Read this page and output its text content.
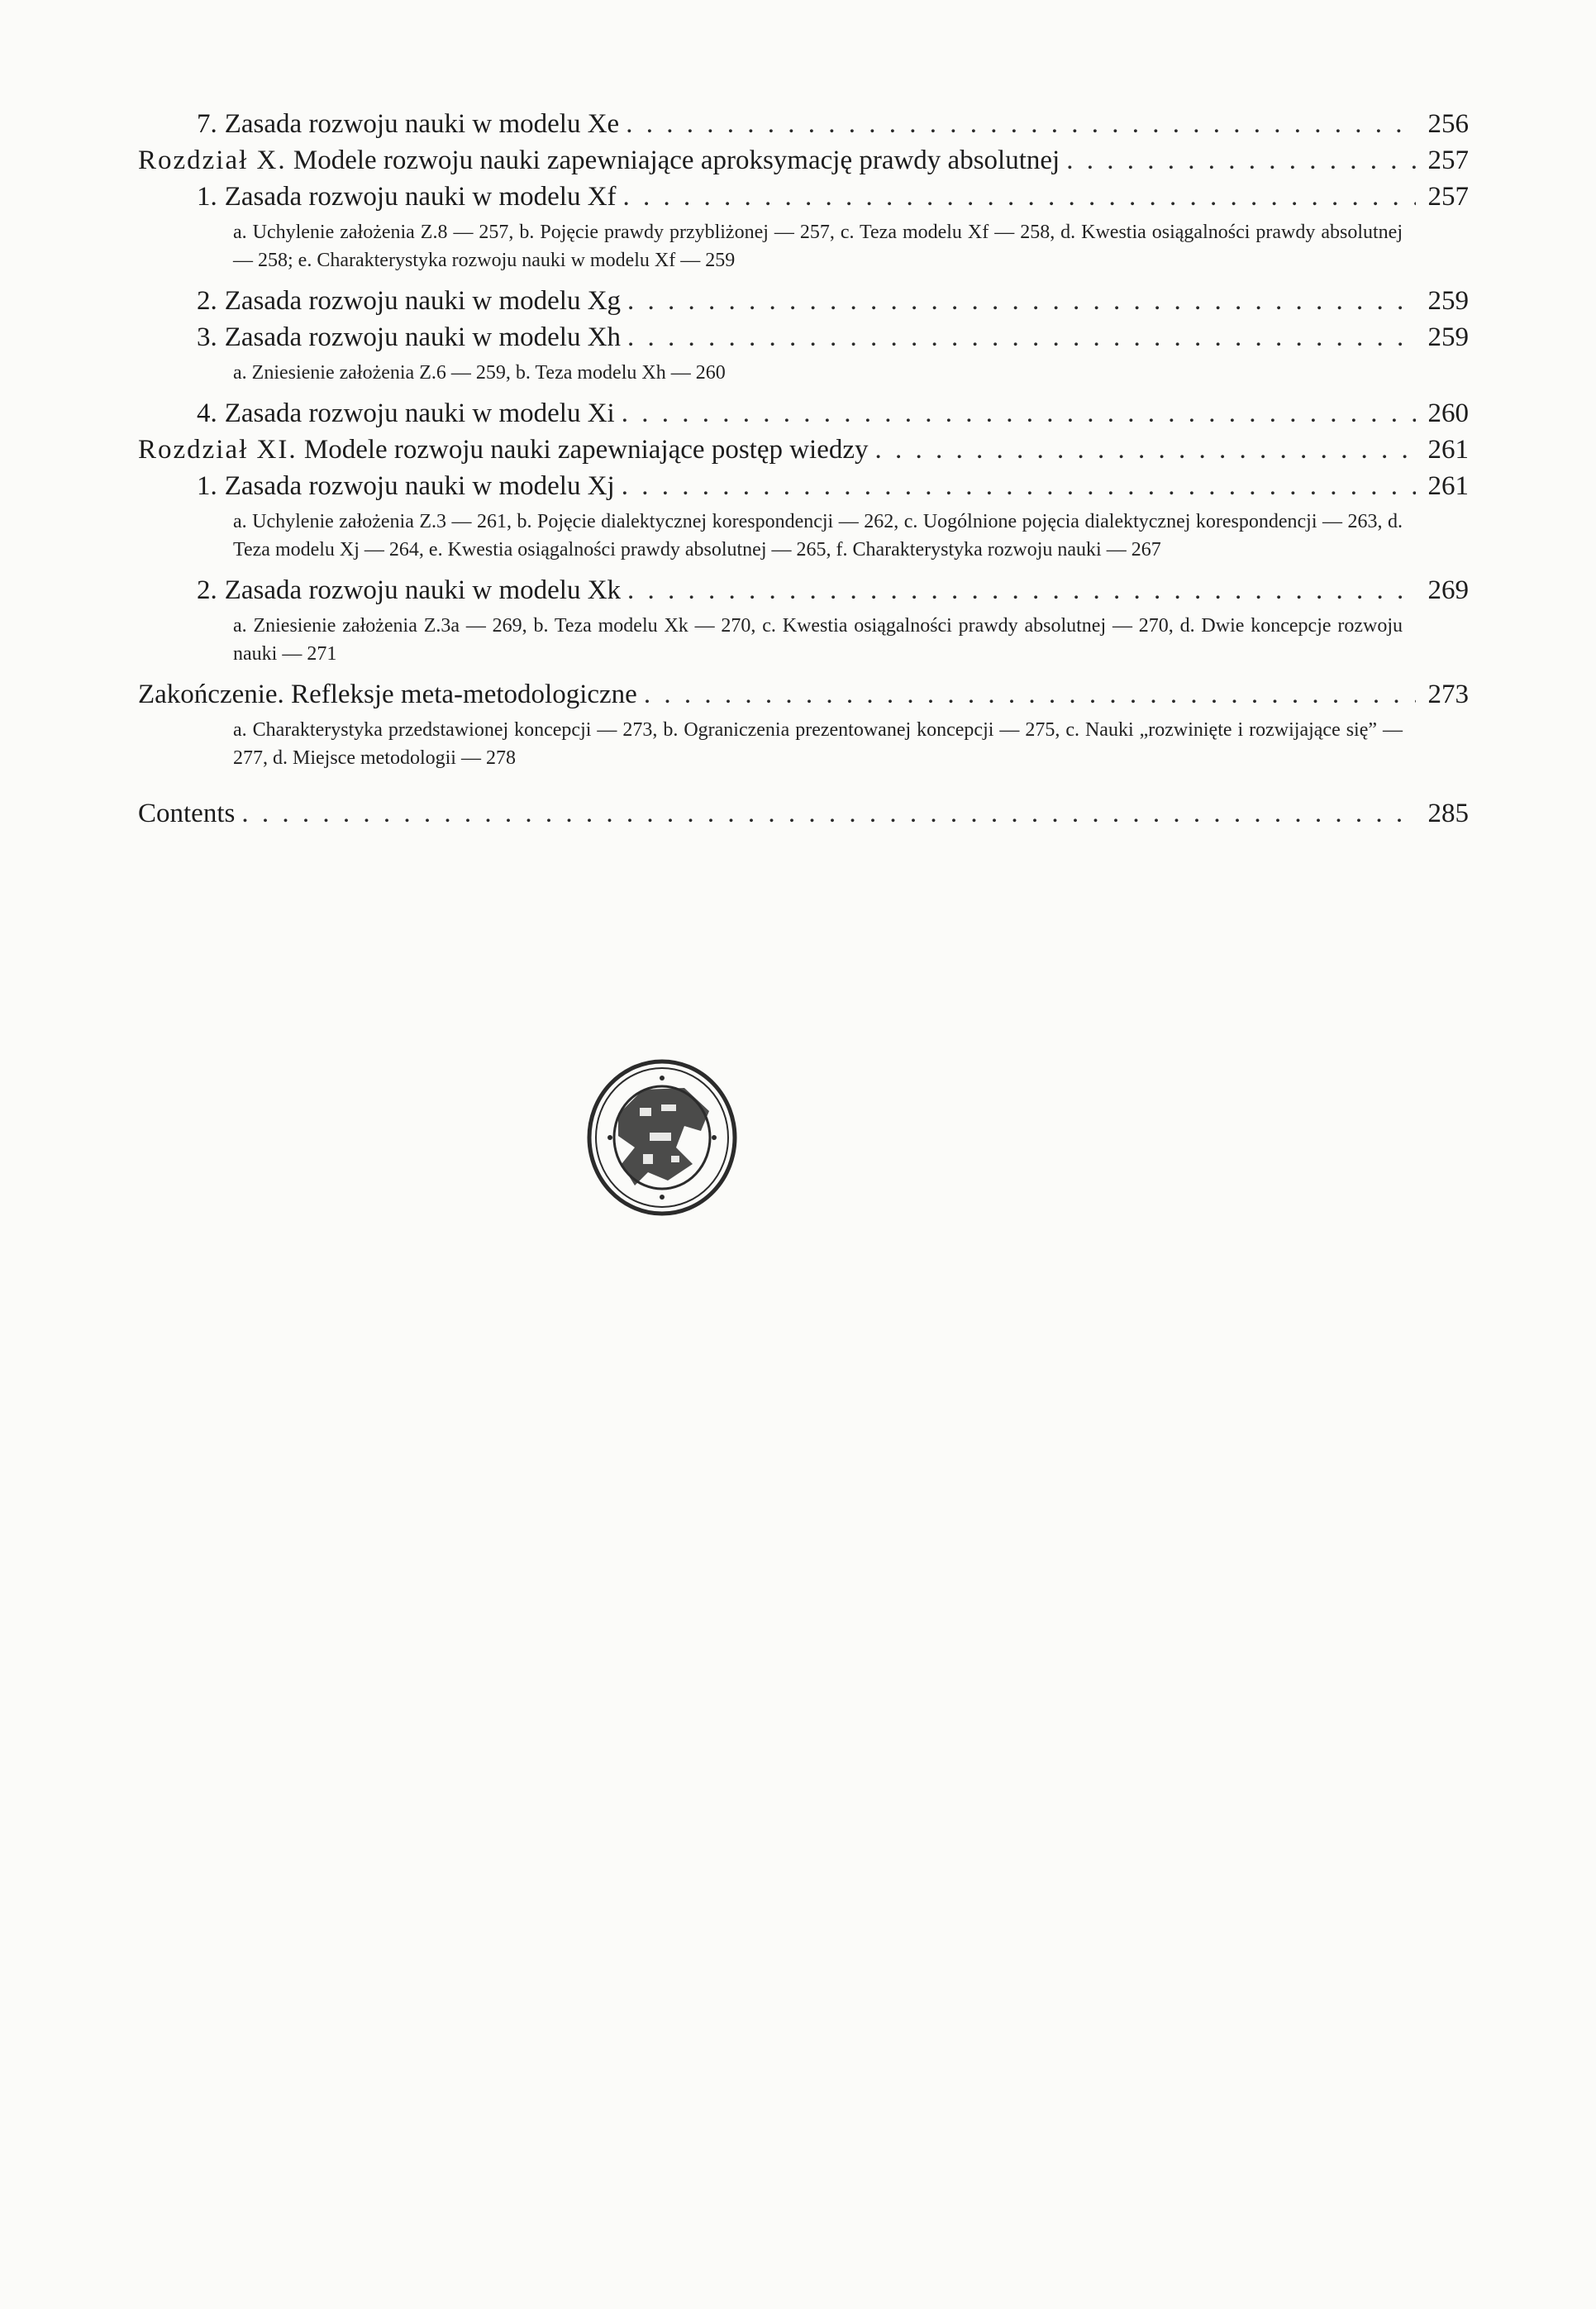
7. Zasada rozwoju nauki w modelu Xe . . .	256
Rozdział X. Modele rozwoju nauki zapewniające aproksymację prawdy absolutnej . . .	257
1. Zasada rozwoju nauki w modelu Xf . . .	257
a. Uchylenie założenia Z.8 — 257, b. Pojęcie prawdy przybliżonej — 257, c. Teza modelu Xf — 258, d. Kwestia osiągalności prawdy absolutnej — 258; e. Charakterystyka rozwoju nauki w modelu Xf — 259
2. Zasada rozwoju nauki w modelu Xg . . .	259
3. Zasada rozwoju nauki w modelu Xh . . .	259
a. Zniesienie założenia Z.6 — 259, b. Teza modelu Xh — 260
4. Zasada rozwoju nauki w modelu Xi . . .	260
Rozdział XI. Modele rozwoju nauki zapewniające postęp wiedzy . . .	261
1. Zasada rozwoju nauki w modelu Xj . . .	261
a. Uchylenie założenia Z.3 — 261, b. Pojęcie dialektycznej korespondencji — 262, c. Uogólnione pojęcia dialektycznej korespondencji — 263, d. Teza modelu Xj — 264, e. Kwestia osiągalności prawdy absolutnej — 265, f. Charakterystyka rozwoju nauki — 267
2. Zasada rozwoju nauki w modelu Xk . . .	269
a. Zniesienie założenia Z.3a — 269, b. Teza modelu Xk — 270, c. Kwestia osiągalności prawdy absolutnej — 270, d. Dwie koncepcje rozwoju nauki — 271
Zakończenie. Refleksje meta-metodologiczne . . .	273
a. Charakterystyka przedstawionej koncepcji — 273, b. Ograniczenia prezentowanej koncepcji — 275, c. Nauki „rozwinięte i rozwijające się” — 277, d. Miejsce metodologii — 278
Contents . . .	285
